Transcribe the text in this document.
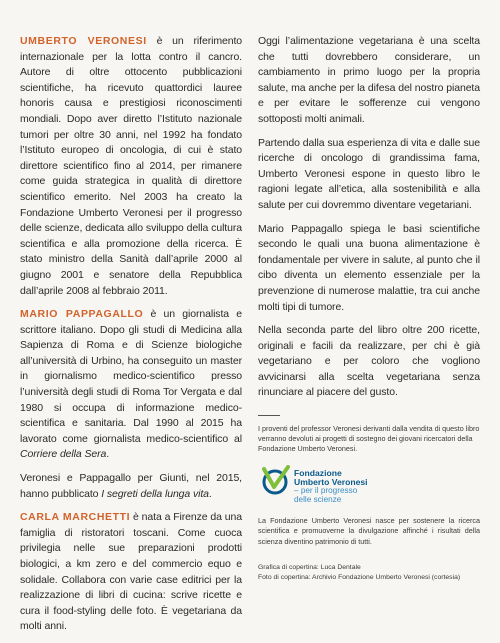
UMBERTO VERONESI è un riferimento internazionale per la lotta contro il cancro. Autore di oltre ottocento pubblicazioni scientifiche, ha ricevuto quattordici lauree honoris causa e prestigiosi riconoscimenti mondiali. Dopo aver diretto l’Istituto nazionale tumori per oltre 30 anni, nel 1992 ha fondato l’Istituto europeo di oncologia, di cui è stato direttore scientifico fino al 2014, per rimanere come guida strategica in qualità di direttore scientifico emerito. Nel 2003 ha creato la Fondazione Umberto Veronesi per il progresso delle scienze, dedicata allo sviluppo della cultura scientifica e alla promozione della ricerca. È stato ministro della Sanità dall’aprile 2000 al giugno 2001 e senatore della Repubblica dall’aprile 2008 al febbraio 2011.

MARIO PAPPAGALLO è un giornalista e scrittore italiano. Dopo gli studi di Medicina alla Sapienza di Roma e di Scienze biologiche all’università di Urbino, ha conseguito un master in giornalismo medico-scientifico presso l’università degli studi di Roma Tor Vergata e dal 1980 si occupa di informazione medico-scientifica e sanitaria. Dal 1990 al 2015 ha lavorato come giornalista medico-scientifico al Corriere della Sera.

Veronesi e Pappagallo per Giunti, nel 2015, hanno pubblicato I segreti della lunga vita.

CARLA MARCHETTI è nata a Firenze da una famiglia di ristoratori toscani. Come cuoca privilegia nelle sue preparazioni prodotti biologici, a km zero e del commercio equo e solidale. Collabora con varie case editrici per la realizzazione di libri di cucina: scrive ricette e cura il food-styling delle foto. È vegetariana da molti anni.

Oggi l’alimentazione vegetariana è una scelta che tutti dovrebbero considerare, un cambiamento in primo luogo per la propria salute, ma anche per la difesa del nostro pianeta e per evitare le sofferenze cui vengono sottoposti molti animali.

Partendo dalla sua esperienza di vita e dalle sue ricerche di oncologo di grandissima fama, Umberto Veronesi espone in questo libro le ragioni legate all’etica, alla sostenibilità e alla salute per cui dovremmo diventare vegetariani.

Mario Pappagallo spiega le basi scientifiche secondo le quali una buona alimentazione è fondamentale per vivere in salute, al punto che il cibo diventa un elemento essenziale per la prevenzione di numerose malattie, tra cui anche molti tipi di tumore.

Nella seconda parte del libro oltre 200 ricette, originali e facili da realizzare, per chi è già vegetariano e per coloro che vogliono avvicinarsi alla scelta vegetariana senza rinunciare al piacere del gusto.

I proventi del professor Veronesi derivanti dalla vendita di questo libro verranno devoluti ai progetti di sostegno dei giovani ricercatori della Fondazione Umberto Veronesi.

Fondazione
Umberto Veronesi
– per il progresso
delle scienze

La Fondazione Umberto Veronesi nasce per sostenere la ricerca scientifica e promuoverne la divulgazione affinché i risultati della scienza diventino patrimonio di tutti.

Grafica di copertina: Luca Dentale
Foto di copertina: Archivio Fondazione Umberto Veronesi (cortesia)
